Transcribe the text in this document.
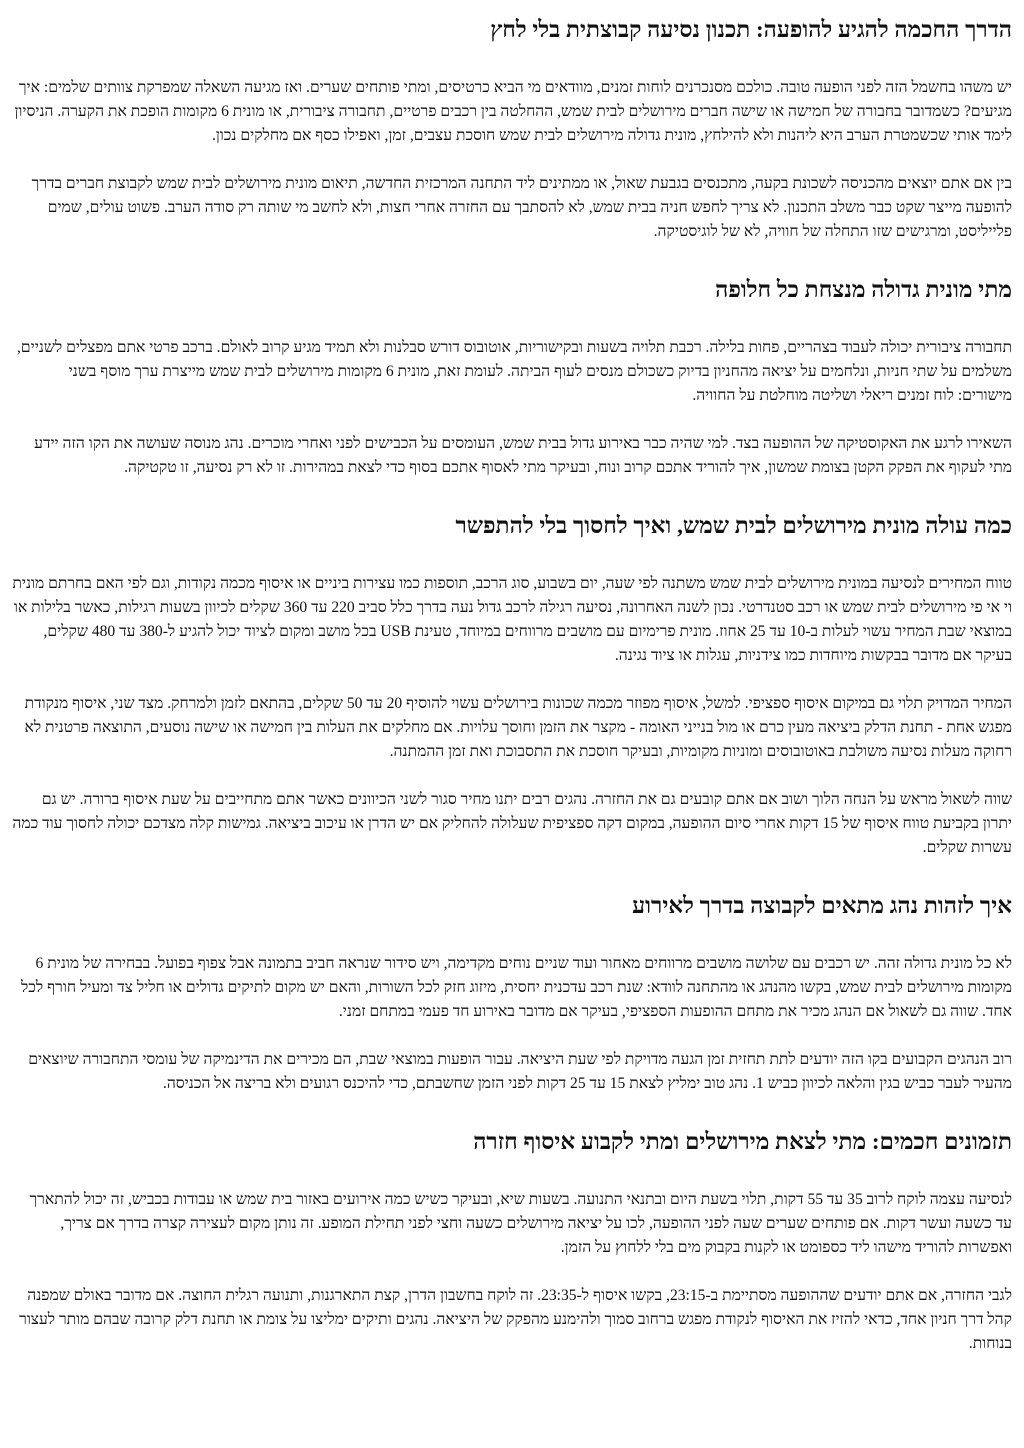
הדרך החכמה להגיע להופעה: תכנון נסיעה קבוצתית בלי לחץ

יש משהו בחשמל הזה לפני הופעה טובה. כולכם מסנכרנים לוחות זמנים, מוודאים מי הביא כרטיסים, ומתי פותחים שערים. ואז מגיעה השאלה שמפרקת צוותים שלמים: איך מגיעים? כשמדובר בחבורה של חמישה או שישה חברים מירושלים לבית שמש, ההחלטה בין רכבים פרטיים, תחבורה ציבורית, או מונית 6 מקומות הופכת את הקערה. הניסיון לימד אותי שכשמטרת הערב היא ליהנות ולא להילחץ, מונית גדולה מירושלים לבית שמש חוסכת עצבים, זמן, ואפילו כסף אם מחלקים נכון.

בין אם אתם יוצאים מהכניסה לשכונת בקעה, מתכנסים בגבעת שאול, או ממתינים ליד התחנה המרכזית החדשה, תיאום מונית מירושלים לבית שמש לקבוצת חברים בדרך להופעה מייצר שקט כבר משלב התכנון. לא צריך לחפש חניה בבית שמש, לא להסתבך עם החזרה אחרי חצות, ולא לחשב מי שותה רק סודה הערב. פשוט עולים, שמים פלייליסט, ומרגישים שזו התחלה של חוויה, לא של לוגיסטיקה.

מתי מונית גדולה מנצחת כל חלופה

תחבורה ציבורית יכולה לעבוד בצהריים, פחות בלילה. רכבת תלויה בשעות ובקישוריות, אוטובוס דורש סבלנות ולא תמיד מגיע קרוב לאולם. ברכב פרטי אתם מפצלים לשניים, משלמים על שתי חניות, ונלחמים על יציאה מהחניון בדיוק כשכולם מנסים לעוף הביתה. לעומת זאת, מונית 6 מקומות מירושלים לבית שמש מייצרת ערך מוסף בשני מישורים: לוח זמנים ריאלי ושליטה מוחלטת על החוויה.

השאירו לרגע את האקוסטיקה של ההופעה בצד. למי שהיה כבר באירוע גדול בבית שמש, העומסים על הכבישים לפני ואחרי מוכרים. נהג מנוסה שעושה את הקו הזה יידע מתי לעקוף את הפקק הקטן בצומת שמשון, איך להוריד אתכם קרוב ונוח, ובעיקר מתי לאסוף אתכם בסוף כדי לצאת במהירות. זו לא רק נסיעה, זו טקטיקה.

כמה עולה מונית מירושלים לבית שמש, ואיך לחסוך בלי להתפשר

טווח המחירים לנסיעה במונית מירושלים לבית שמש משתנה לפי שעה, יום בשבוע, סוג הרכב, תוספות כמו עצירות ביניים או איסוף מכמה נקודות, וגם לפי האם בחרתם מונית וי אי פי מירושלים לבית שמש או רכב סטנדרטי. נכון לשנה האחרונה, נסיעה רגילה לרכב גדול נעה בדרך כלל סביב 220 עד 360 שקלים לכיוון בשעות רגילות, כאשר בלילות או במוצאי שבת המחיר עשוי לעלות ב-10 עד 25 אחוז. מונית פרימיום עם מושבים מרווחים במיוחד, טעינת USB בכל מושב ומקום לציוד יכול להגיע ל-380 עד 480 שקלים, בעיקר אם מדובר בבקשות מיוחדות כמו צידניות, עגלות או ציוד נגינה.

המחיר המדויק תלוי גם במיקום איסוף ספציפי. למשל, איסוף מפוזר מכמה שכונות בירושלים עשוי להוסיף 20 עד 50 שקלים, בהתאם לזמן ולמרחק. מצד שני, איסוף מנקודת מפגש אחת - תחנת הדלק ביציאה מעין כרם או מול בנייני האומה - מקצר את הזמן וחוסך עלויות. אם מחלקים את העלות בין חמישה או שישה נוסעים, התוצאה פרטנית לא רחוקה מעלות נסיעה משולבת באוטובוסים ומוניות מקומיות, ובעיקר חוסכת את התסבוכת ואת זמן ההמתנה.

שווה לשאול מראש על הנחה הלוך ושוב אם אתם קובעים גם את החזרה. נהגים רבים יתנו מחיר סגור לשני הכיוונים כאשר אתם מתחייבים על שעת איסוף ברורה. יש גם יתרון בקביעת טווח איסוף של 15 דקות אחרי סיום ההופעה, במקום דקה ספציפית שעלולה להחליק אם יש הדרן או עיכוב ביציאה. גמישות קלה מצדכם יכולה לחסוך עוד כמה עשרות שקלים.

איך לזהות נהג מתאים לקבוצה בדרך לאירוע

לא כל מונית גדולה זהה. יש רכבים עם שלושה מושבים מרווחים מאחור ועוד שניים נוחים מקדימה, ויש סידור שנראה חביב בתמונה אבל צפוף בפועל. בבחירה של מונית 6 מקומות מירושלים לבית שמש, בקשו מהנהג או מהתחנה לוודא: שנת רכב עדכנית יחסית, מיזוג חזק לכל השורות, והאם יש מקום לתיקים גדולים או חליל צד ומעיל חורף לכל אחד. שווה גם לשאול אם הנהג מכיר את מתחם ההופעות הספציפי, בעיקר אם מדובר באירוע חד פעמי במתחם זמני.

רוב הנהגים הקבועים בקו הזה יודעים לתת תחזית זמן הגעה מדויקת לפי שעת היציאה. עבור הופעות במוצאי שבת, הם מכירים את הדינמיקה של עומסי התחבורה שיוצאים מהעיר לעבר כביש בגין והלאה לכיוון כביש 1. נהג טוב ימליץ לצאת 15 עד 25 דקות לפני הזמן שחשבתם, כדי להיכנס רגועים ולא בריצה אל הכניסה.

תזמונים חכמים: מתי לצאת מירושלים ומתי לקבוע איסוף חזרה

לנסיעה עצמה לוקח לרוב 35 עד 55 דקות, תלוי בשעת היום ובתנאי התנועה. בשעות שיא, ובעיקר כשיש כמה אירועים באזור בית שמש או עבודות בכביש, זה יכול להתארך עד כשעה ועשר דקות. אם פותחים שערים שעה לפני ההופעה, לכו על יציאה מירושלים כשעה וחצי לפני תחילת המופע. זה נותן מקום לעצירה קצרה בדרך אם צריך, ואפשרות להוריד מישהו ליד כספומט או לקנות בקבוק מים בלי ללחוץ על הזמן.

לגבי החזרה, אם אתם יודעים שההופעה מסתיימת ב-23:15, בקשו איסוף ל-23:35. זה לוקח בחשבון הדרן, קצת התארגנות, ותנועה רגלית החוצה. אם מדובר באולם שמפנה קהל דרך חניון אחד, כדאי להזיז את האיסוף לנקודת מפגש ברחוב סמוך ולהימנע מהפקק של היציאה. נהגים ותיקים ימליצו על צומת או תחנת דלק קרובה שבהם מותר לעצור בנוחות.
